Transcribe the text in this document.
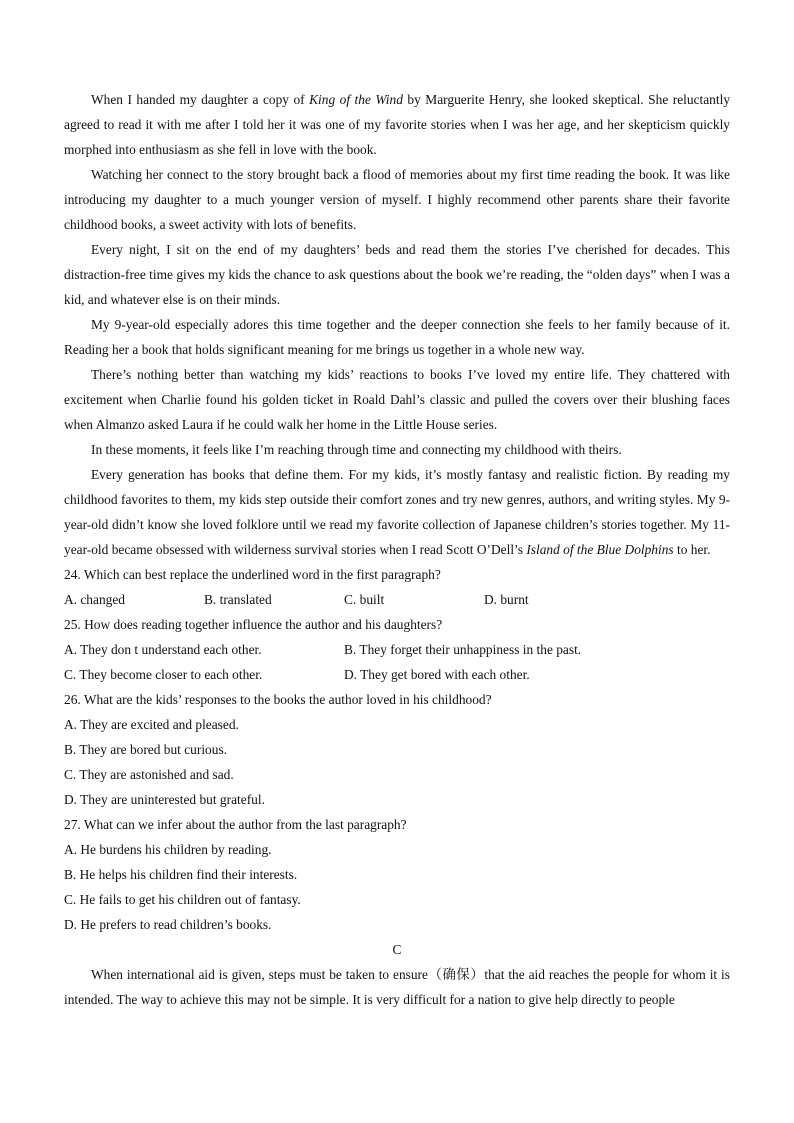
When I handed my daughter a copy of King of the Wind by Marguerite Henry, she looked skeptical. She reluctantly agreed to read it with me after I told her it was one of my favorite stories when I was her age, and her skepticism quickly morphed into enthusiasm as she fell in love with the book.

Watching her connect to the story brought back a flood of memories about my first time reading the book. It was like introducing my daughter to a much younger version of myself. I highly recommend other parents share their favorite childhood books, a sweet activity with lots of benefits.

Every night, I sit on the end of my daughters’ beds and read them the stories I’ve cherished for decades. This distraction-free time gives my kids the chance to ask questions about the book we’re reading, the “olden days” when I was a kid, and whatever else is on their minds.

My 9-year-old especially adores this time together and the deeper connection she feels to her family because of it. Reading her a book that holds significant meaning for me brings us together in a whole new way.

There’s nothing better than watching my kids’ reactions to books I’ve loved my entire life. They chattered with excitement when Charlie found his golden ticket in Roald Dahl’s classic and pulled the covers over their blushing faces when Almanzo asked Laura if he could walk her home in the Little House series.

In these moments, it feels like I’m reaching through time and connecting my childhood with theirs.

Every generation has books that define them. For my kids, it’s mostly fantasy and realistic fiction. By reading my childhood favorites to them, my kids step outside their comfort zones and try new genres, authors, and writing styles. My 9-year-old didn’t know she loved folklore until we read my favorite collection of Japanese children’s stories together. My 11-year-old became obsessed with wilderness survival stories when I read Scott O’Dell’s Island of the Blue Dolphins to her.

24. Which can best replace the underlined word in the first paragraph?

A. changed	B. translated	C. built	D. burnt

25. How does reading together influence the author and his daughters?

A. They don t understand each other.	B. They forget their unhappiness in the past.
C. They become closer to each other.	D. They get bored with each other.

26. What are the kids’ responses to the books the author loved in his childhood?

A. They are excited and pleased.

B. They are bored but curious.

C. They are astonished and sad.

D. They are uninterested but grateful.

27. What can we infer about the author from the last paragraph?

A. He burdens his children by reading.

B. He helps his children find their interests.

C. He fails to get his children out of fantasy.

D. He prefers to read children’s books.

C

When international aid is given, steps must be taken to ensure（确保）that the aid reaches the people for whom it is intended. The way to achieve this may not be simple. It is very difficult for a nation to give help directly to people
